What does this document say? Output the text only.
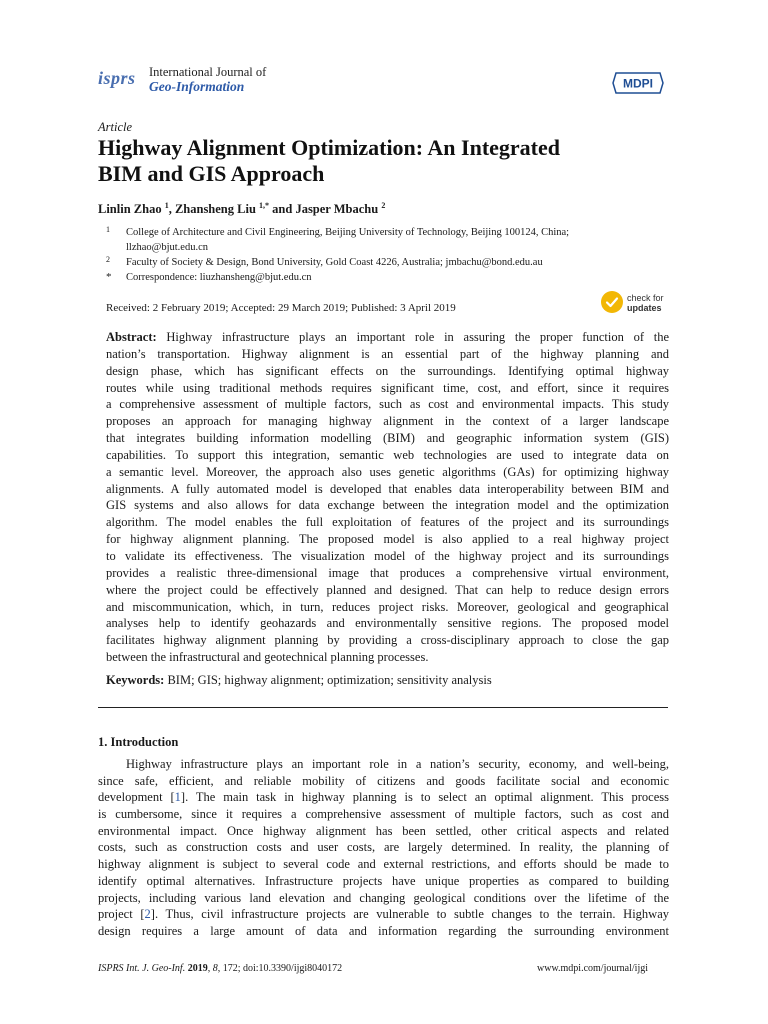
isprs International Journal of
Geo-Information	MDPI
Article
Highway Alignment Optimization: An Integrated
BIM and GIS Approach
Linlin Zhao $^1$, Zhansheng Liu $^{1,*}$ and Jasper Mbachu $^2$
1 College of Architecture and Civil Engineering, Beijing University of Technology, Beijing 100124, China;
llzhao@bjut.edu.cn
2 Faculty of Society & Design, Bond University, Gold Coast 4226, Australia; jmbachu@bond.edu.au
* Correspondence: liuzhansheng@bjut.edu.cn
Received: 2 February 2019; Accepted: 29 March 2019; Published: 3 April 2019
check for
updates
Abstract: Highway infrastructure plays an important role in assuring the proper function of the
nation’s transportation. Highway alignment is an essential part of the highway planning and
design phase, which has significant effects on the surroundings. Identifying optimal highway
routes while using traditional methods requires significant time, cost, and effort, since it requires
a comprehensive assessment of multiple factors, such as cost and environmental impacts. This study
proposes an approach for managing highway alignment in the context of a larger landscape
that integrates building information modelling (BIM) and geographic information system (GIS)
capabilities. To support this integration, semantic web technologies are used to integrate data on
a semantic level. Moreover, the approach also uses genetic algorithms (GAs) for optimizing highway
alignments. A fully automated model is developed that enables data interoperability between BIM and
GIS systems and also allows for data exchange between the integration model and the optimization
algorithm. The model enables the full exploitation of features of the project and its surroundings
for highway alignment planning. The proposed model is also applied to a real highway project
to validate its effectiveness. The visualization model of the highway project and its surroundings
provides a realistic three-dimensional image that produces a comprehensive virtual environment,
where the project could be effectively planned and designed. That can help to reduce design errors
and miscommunication, which, in turn, reduces project risks. Moreover, geological and geographical
analyses help to identify geohazards and environmentally sensitive regions. The proposed model
facilitates highway alignment planning by providing a cross-disciplinary approach to close the gap
between the infrastructural and geotechnical planning processes.
Keywords: BIM; GIS; highway alignment; optimization; sensitivity analysis
1. Introduction
Highway infrastructure plays an important role in a nation’s security, economy, and well-being,
since safe, efficient, and reliable mobility of citizens and goods facilitate social and economic
development [1]. The main task in highway planning is to select an optimal alignment. This process
is cumbersome, since it requires a comprehensive assessment of multiple factors, such as cost and
environmental impact. Once highway alignment has been settled, other critical aspects and related
costs, such as construction costs and user costs, are largely determined. In reality, the planning of
highway alignment is subject to several code and external restrictions, and efforts should be made to
identify optimal alternatives. Infrastructure projects have unique properties as compared to building
projects, including various land elevation and changing geological conditions over the lifetime of the
project [2]. Thus, civil infrastructure projects are vulnerable to subtle changes to the terrain. Highway
design requires a large amount of data and information regarding the surrounding environment
ISPRS Int. J. Geo-Inf. 2019, 8, 172; doi:10.3390/ijgi8040172	www.mdpi.com/journal/ijgi
